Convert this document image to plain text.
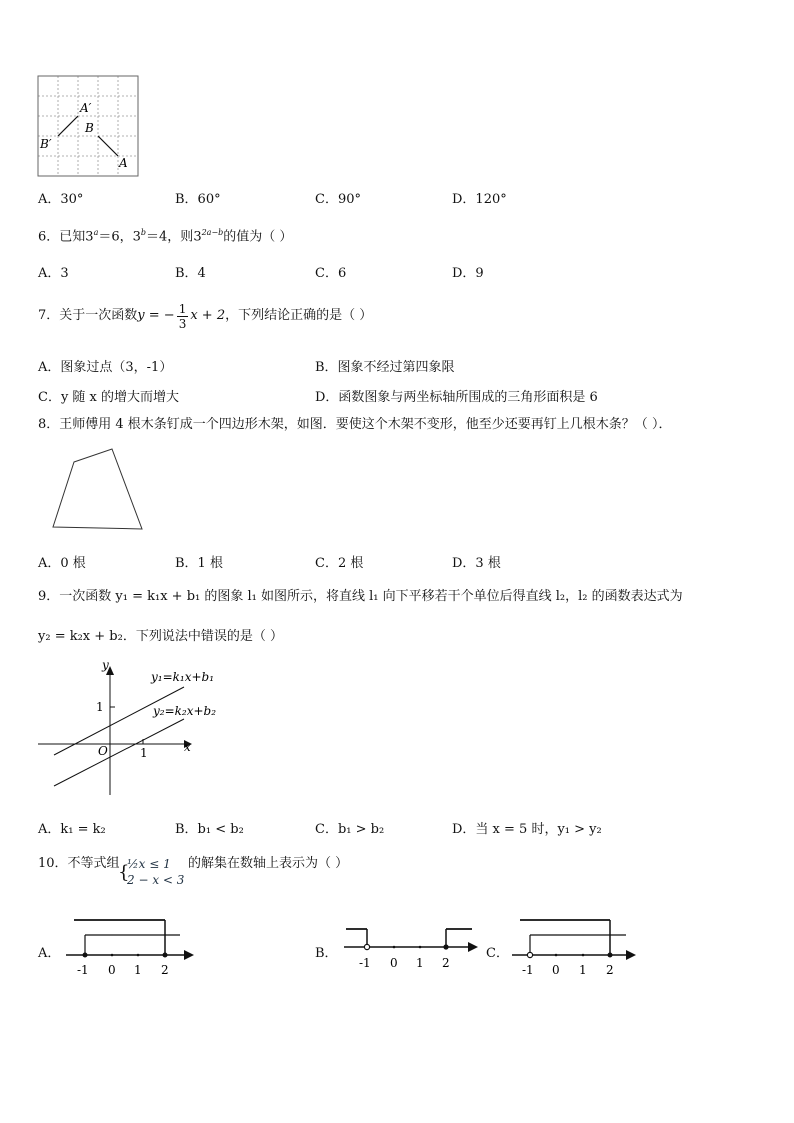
A′
B
B′
A
A．30°	B．60°	C．90°	D．120°
6．已知$3^a=6$，$3^b=4$，则$3^{2a-b}$的值为（ ）
A．3	B．4	C．6	D．9
7．关于一次函数 y = − $\frac{1}{3}$ x + 2 ，下列结论正确的是（ ）
A．图象过点（3，-1）	B．图象不经过第四象限
C．y 随 x 的增大而增大	D．函数图象与两坐标轴所围成的三角形面积是 6
8．王师傅用 4 根木条钉成一个四边形木架，如图．要使这个木架不变形，他至少还要再钉上几根木条？（ ）．
A．0 根	B．1 根	C．2 根	D．3 根
9．一次函数 y₁ = k₁x + b₁ 的图象 l₁ 如图所示，将直线 l₁ 向下平移若干个单位后得直线 l₂，l₂ 的函数表达式为
y₂ = k₂x + b₂．下列说法中错误的是（ ）
y
x
O
1
1
y₁=k₁x+b₁
y₂=k₂x+b₂
A．k₁ = k₂	B．b₁ < b₂	C．b₁ > b₂	D．当 x = 5 时，y₁ > y₂
10．不等式组
{
½x ≤ 1
2 − x < 3
的解集在数轴上表示为（ ）
A．
-1 0 1 2
B．
-1 0 1 2
C．
-1 0 1 2
